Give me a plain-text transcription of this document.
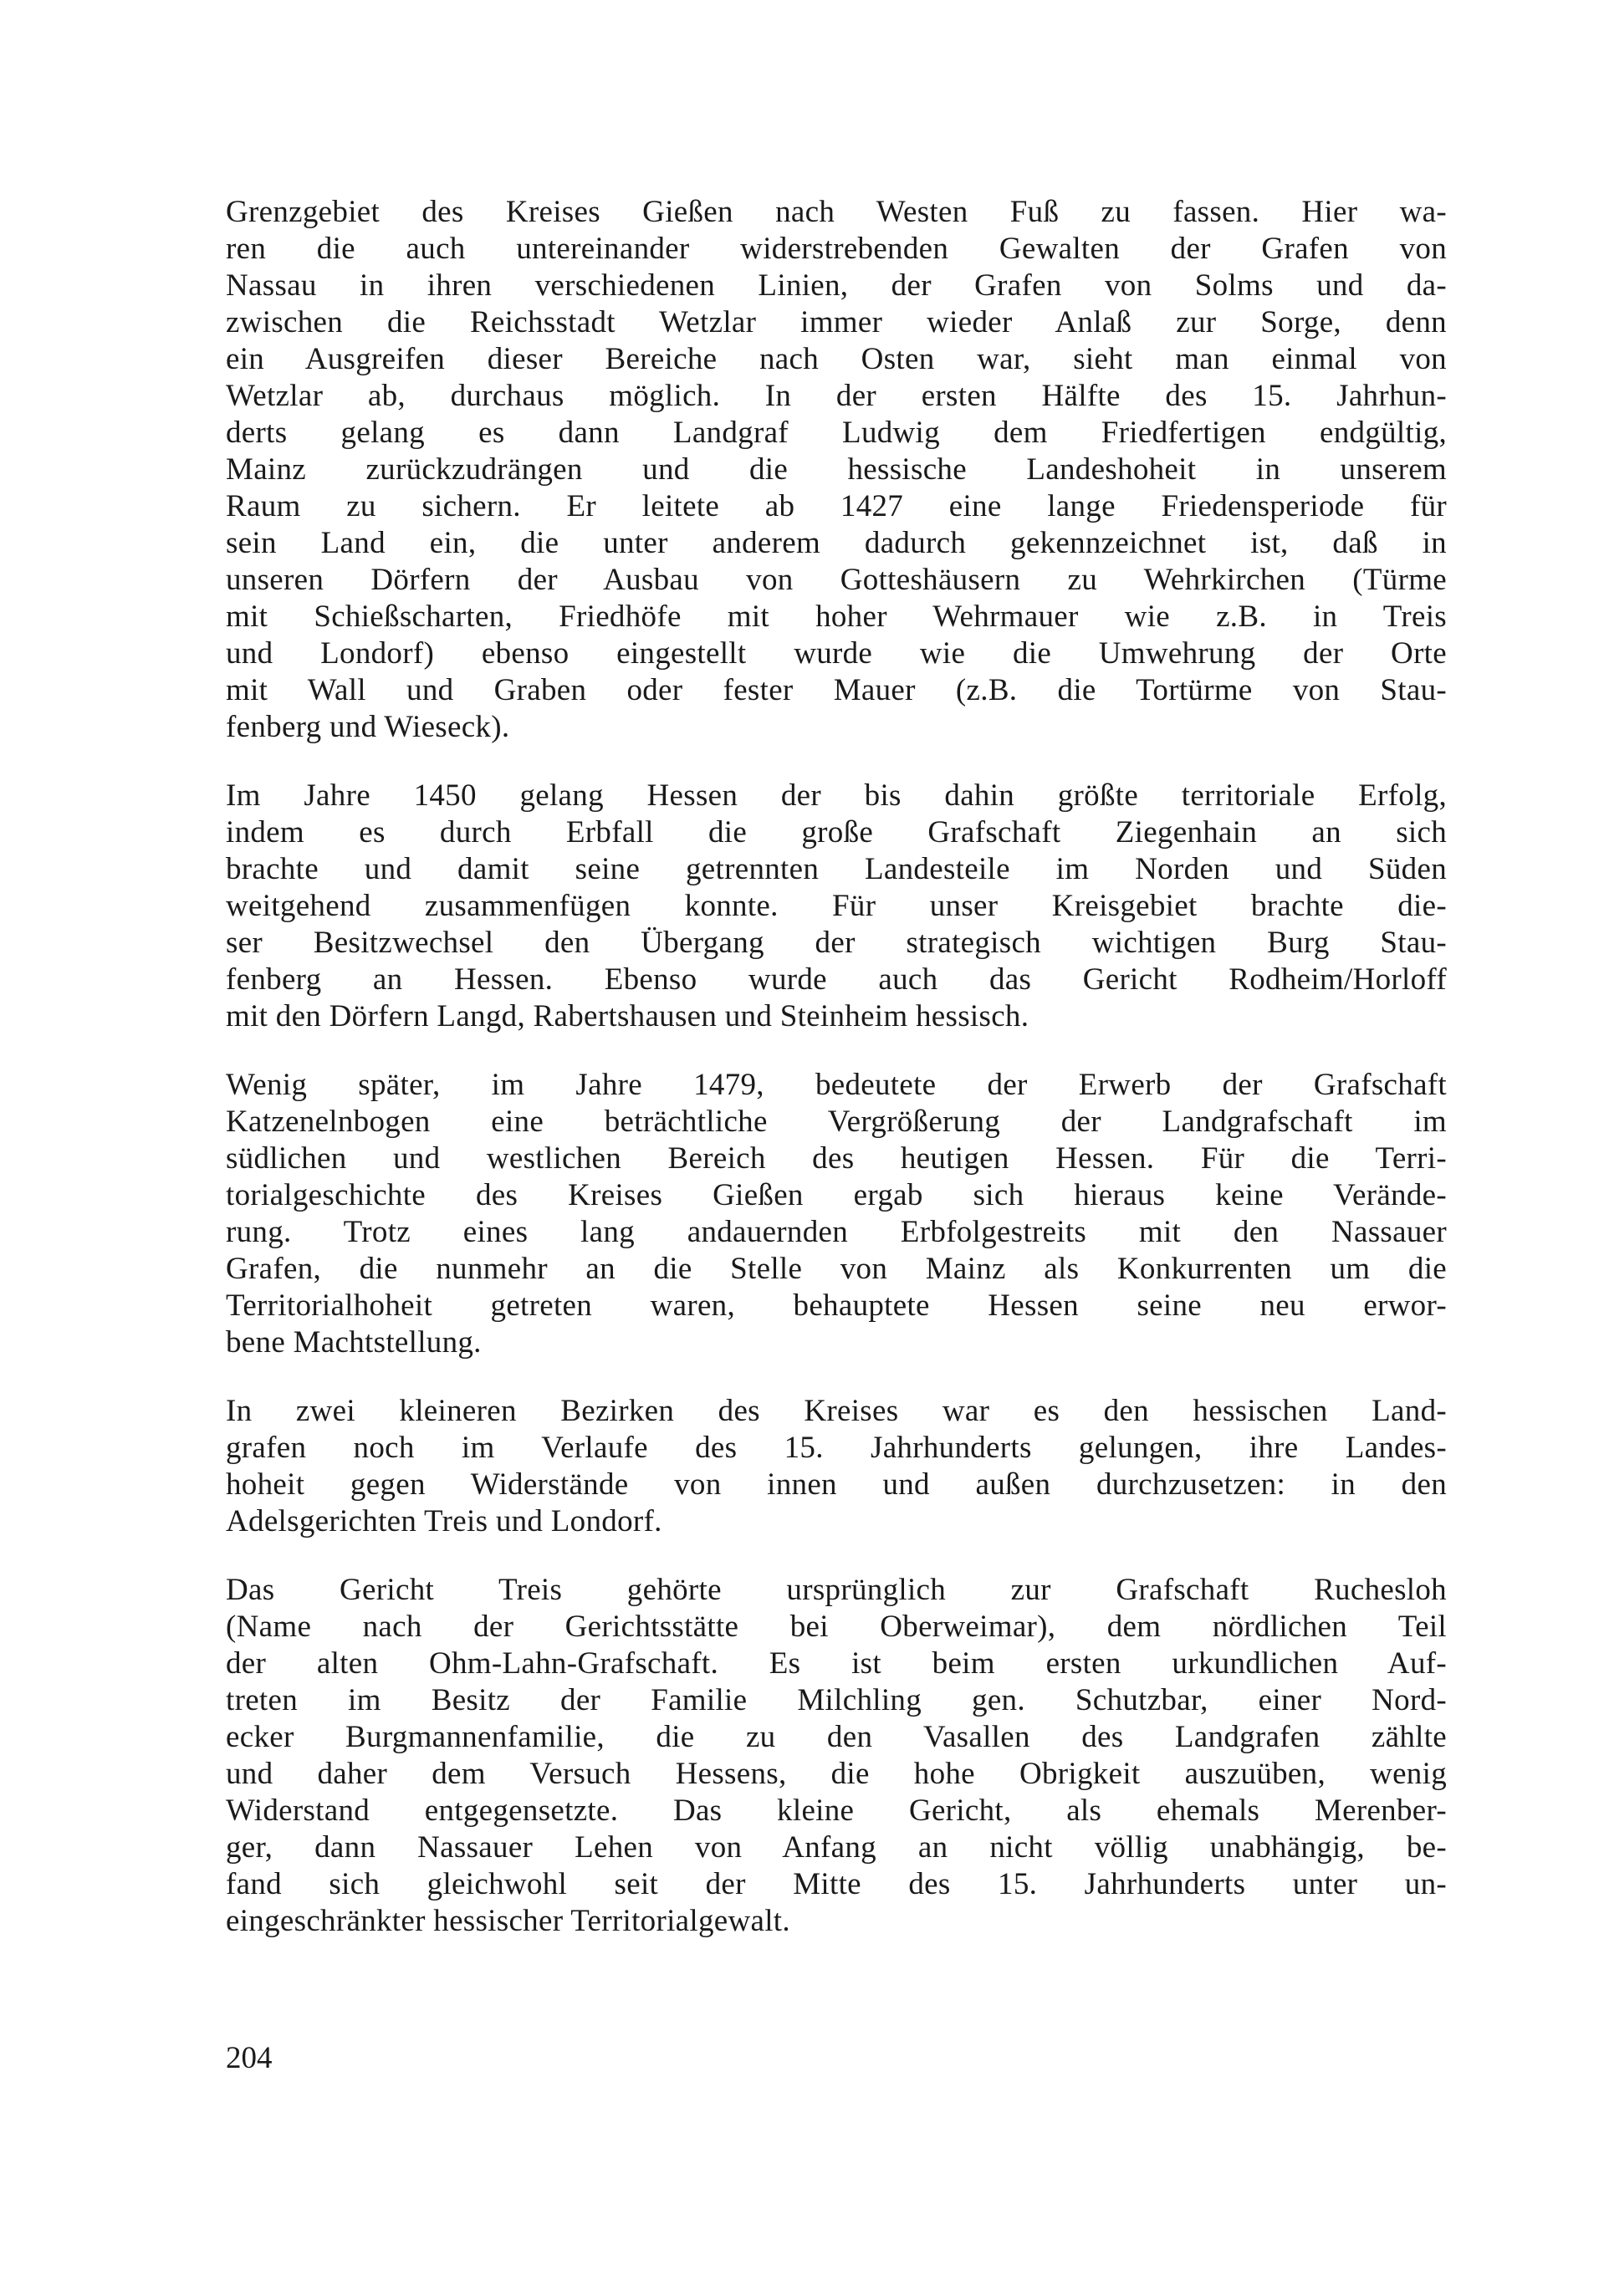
Grenzgebiet des Kreises Gießen nach Westen Fuß zu fassen. Hier wa-
ren die auch untereinander widerstrebenden Gewalten der Grafen von
Nassau in ihren verschiedenen Linien, der Grafen von Solms und da-
zwischen die Reichsstadt Wetzlar immer wieder Anlaß zur Sorge, denn
ein Ausgreifen dieser Bereiche nach Osten war, sieht man einmal von
Wetzlar ab, durchaus möglich. In der ersten Hälfte des 15. Jahrhun-
derts gelang es dann Landgraf Ludwig dem Friedfertigen endgültig,
Mainz zurückzudrängen und die hessische Landeshoheit in unserem
Raum zu sichern. Er leitete ab 1427 eine lange Friedensperiode für
sein Land ein, die unter anderem dadurch gekennzeichnet ist, daß in
unseren Dörfern der Ausbau von Gotteshäusern zu Wehrkirchen (Türme
mit Schießscharten, Friedhöfe mit hoher Wehrmauer wie z.B. in Treis
und Londorf) ebenso eingestellt wurde wie die Umwehrung der Orte
mit Wall und Graben oder fester Mauer (z.B. die Tortürme von Stau-
fenberg und Wieseck).
Im Jahre 1450 gelang Hessen der bis dahin größte territoriale Erfolg,
indem es durch Erbfall die große Grafschaft Ziegenhain an sich
brachte und damit seine getrennten Landesteile im Norden und Süden
weitgehend zusammenfügen konnte. Für unser Kreisgebiet brachte die-
ser Besitzwechsel den Übergang der strategisch wichtigen Burg Stau-
fenberg an Hessen. Ebenso wurde auch das Gericht Rodheim/Horloff
mit den Dörfern Langd, Rabertshausen und Steinheim hessisch.
Wenig später, im Jahre 1479, bedeutete der Erwerb der Grafschaft
Katzenelnbogen eine beträchtliche Vergrößerung der Landgrafschaft im
südlichen und westlichen Bereich des heutigen Hessen. Für die Terri-
torialgeschichte des Kreises Gießen ergab sich hieraus keine Verände-
rung. Trotz eines lang andauernden Erbfolgestreits mit den Nassauer
Grafen, die nunmehr an die Stelle von Mainz als Konkurrenten um die
Territorialhoheit getreten waren, behauptete Hessen seine neu erwor-
bene Machtstellung.
In zwei kleineren Bezirken des Kreises war es den hessischen Land-
grafen noch im Verlaufe des 15. Jahrhunderts gelungen, ihre Landes-
hoheit gegen Widerstände von innen und außen durchzusetzen: in den
Adelsgerichten Treis und Londorf.
Das Gericht Treis gehörte ursprünglich zur Grafschaft Ruchesloh
(Name nach der Gerichtsstätte bei Oberweimar), dem nördlichen Teil
der alten Ohm-Lahn-Grafschaft. Es ist beim ersten urkundlichen Auf-
treten im Besitz der Familie Milchling gen. Schutzbar, einer Nord-
ecker Burgmannenfamilie, die zu den Vasallen des Landgrafen zählte
und daher dem Versuch Hessens, die hohe Obrigkeit auszuüben, wenig
Widerstand entgegensetzte. Das kleine Gericht, als ehemals Merenber-
ger, dann Nassauer Lehen von Anfang an nicht völlig unabhängig, be-
fand sich gleichwohl seit der Mitte des 15. Jahrhunderts unter un-
eingeschränkter hessischer Territorialgewalt.
204
